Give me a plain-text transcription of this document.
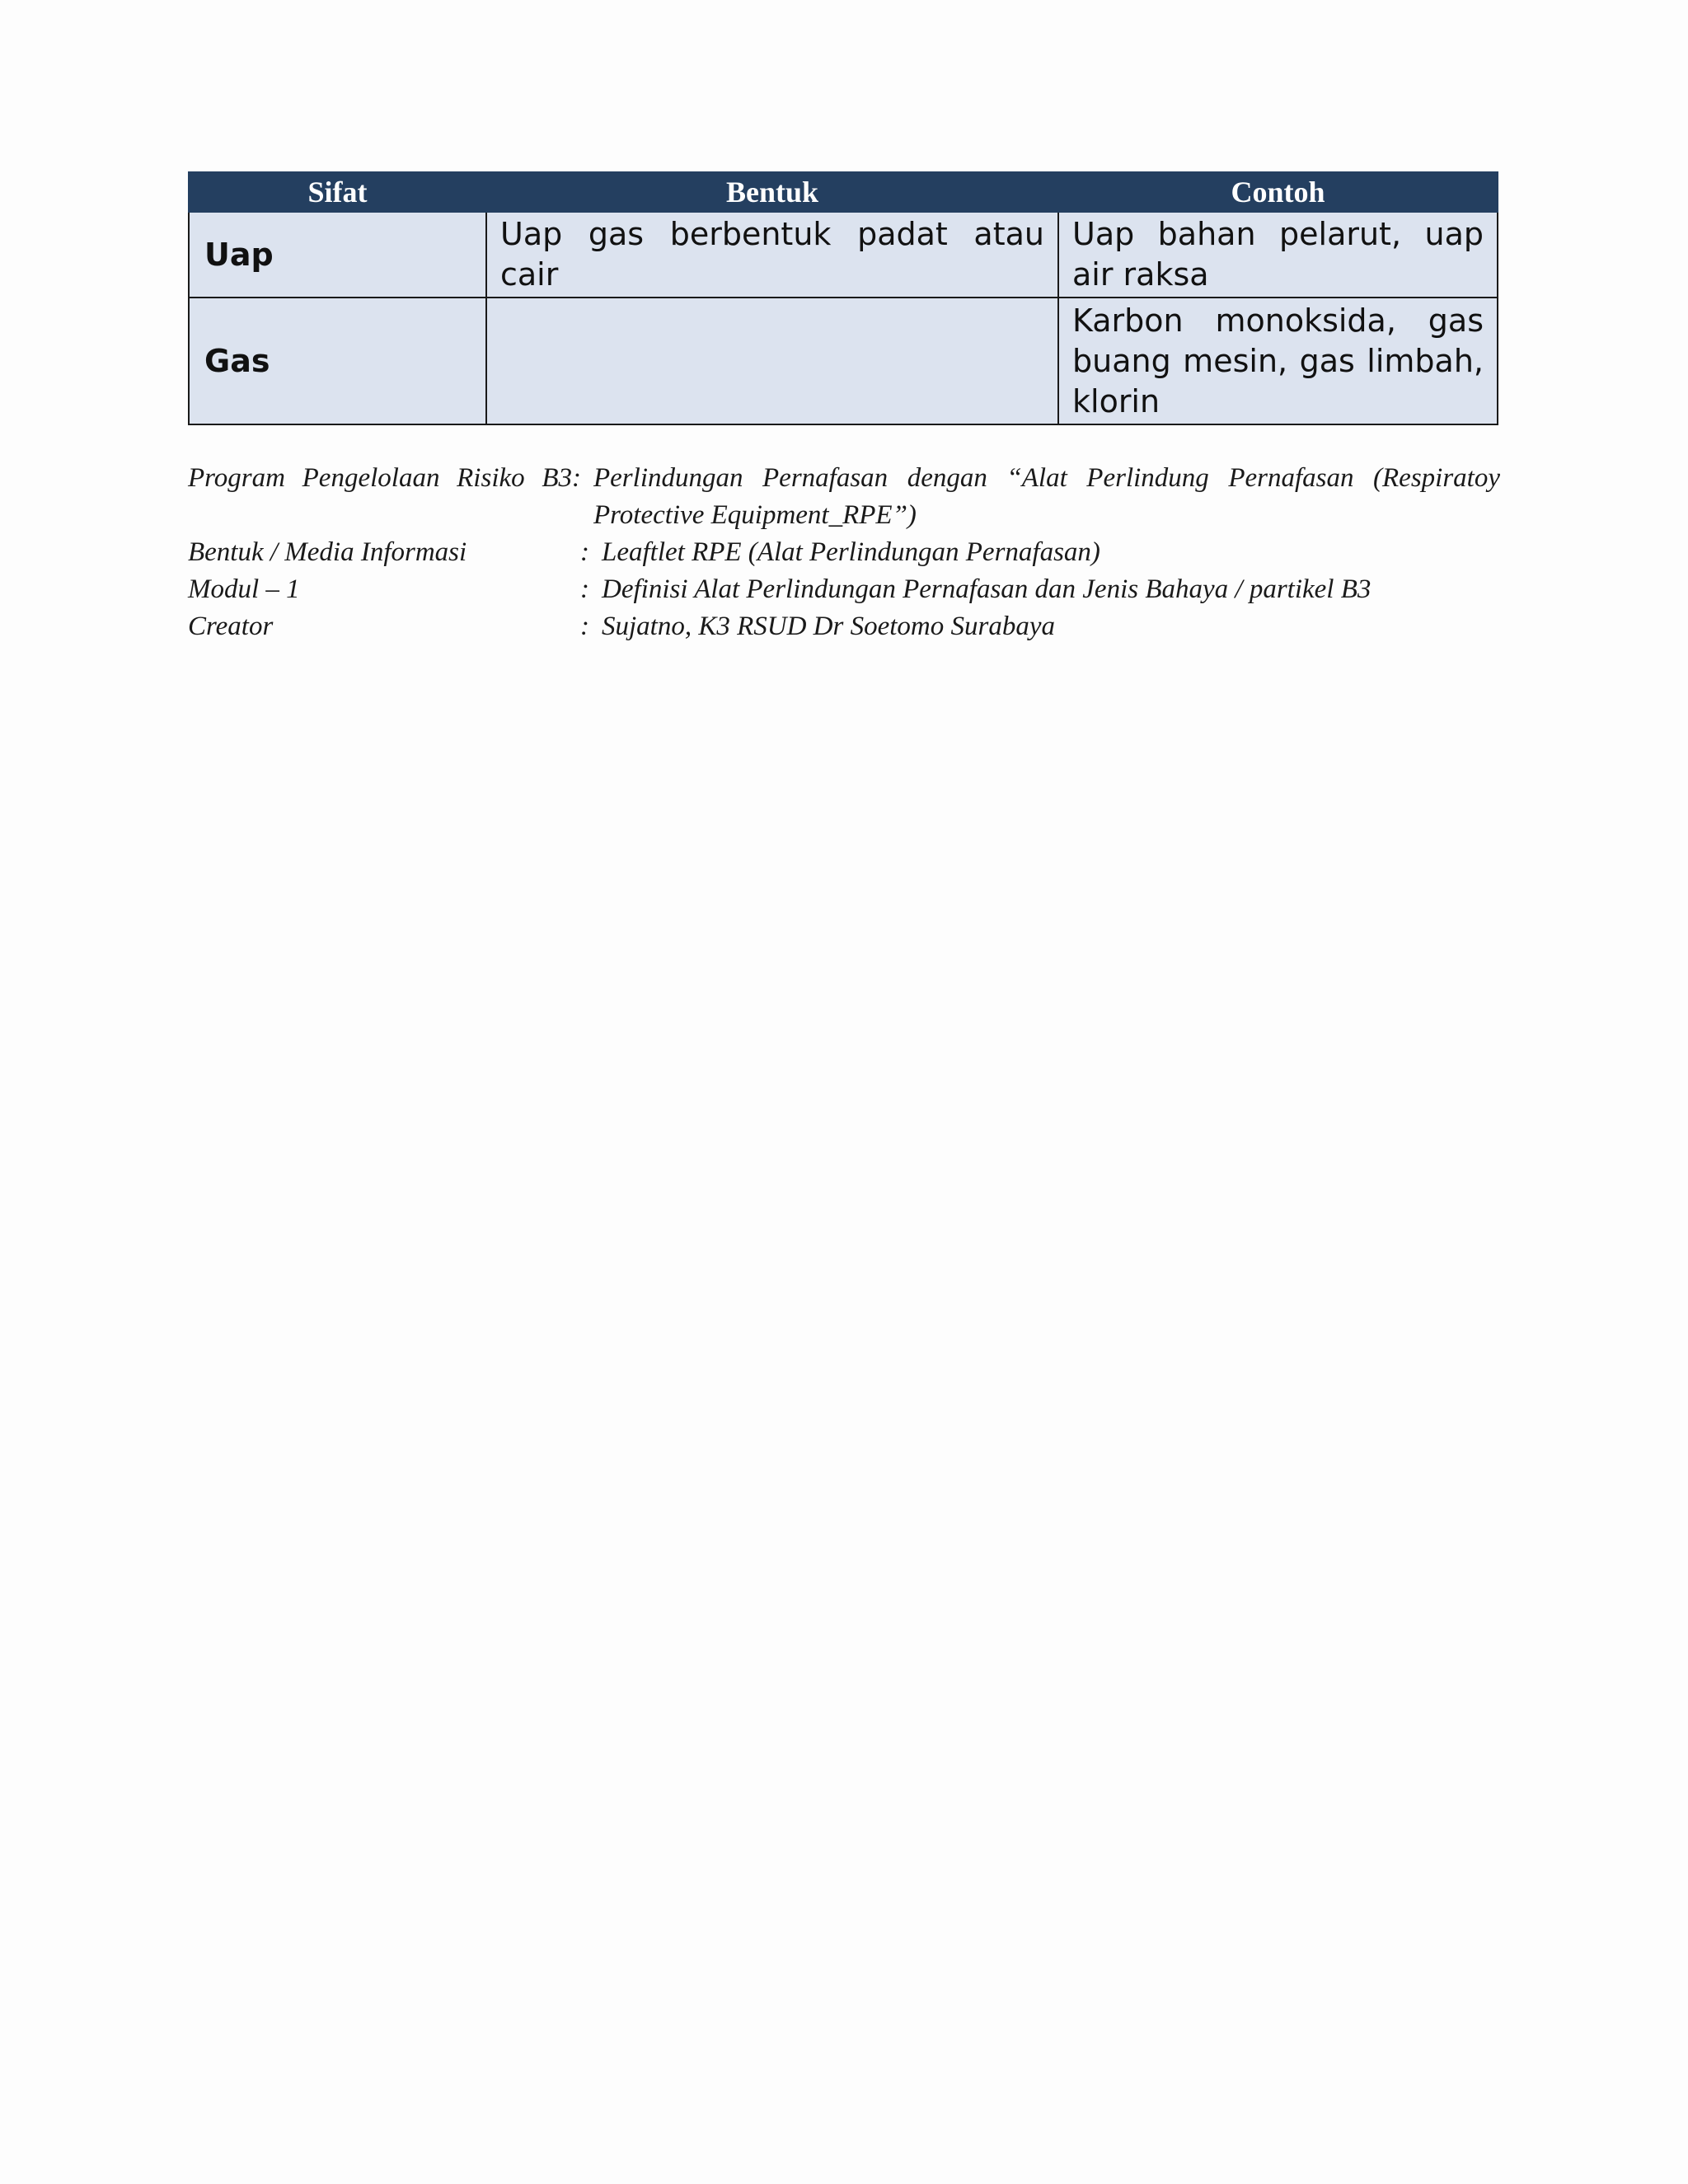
Sifat	Bentuk	Contoh
Uap	Uap gas berbentuk padat atau cair	Uap bahan pelarut, uap air raksa
Gas		Karbon monoksida, gas buang mesin, gas limbah, klorin
Program Pengelolaan Risiko B3 : Perlindungan Pernafasan dengan “Alat Perlindung Pernafasan (Respiratoy Protective Equipment_RPE”)
Bentuk / Media Informasi	: Leaftlet RPE (Alat Perlindungan Pernafasan)
Modul – 1	: Definisi Alat Perlindungan Pernafasan dan Jenis Bahaya / partikel B3
Creator	: Sujatno, K3 RSUD Dr Soetomo Surabaya
